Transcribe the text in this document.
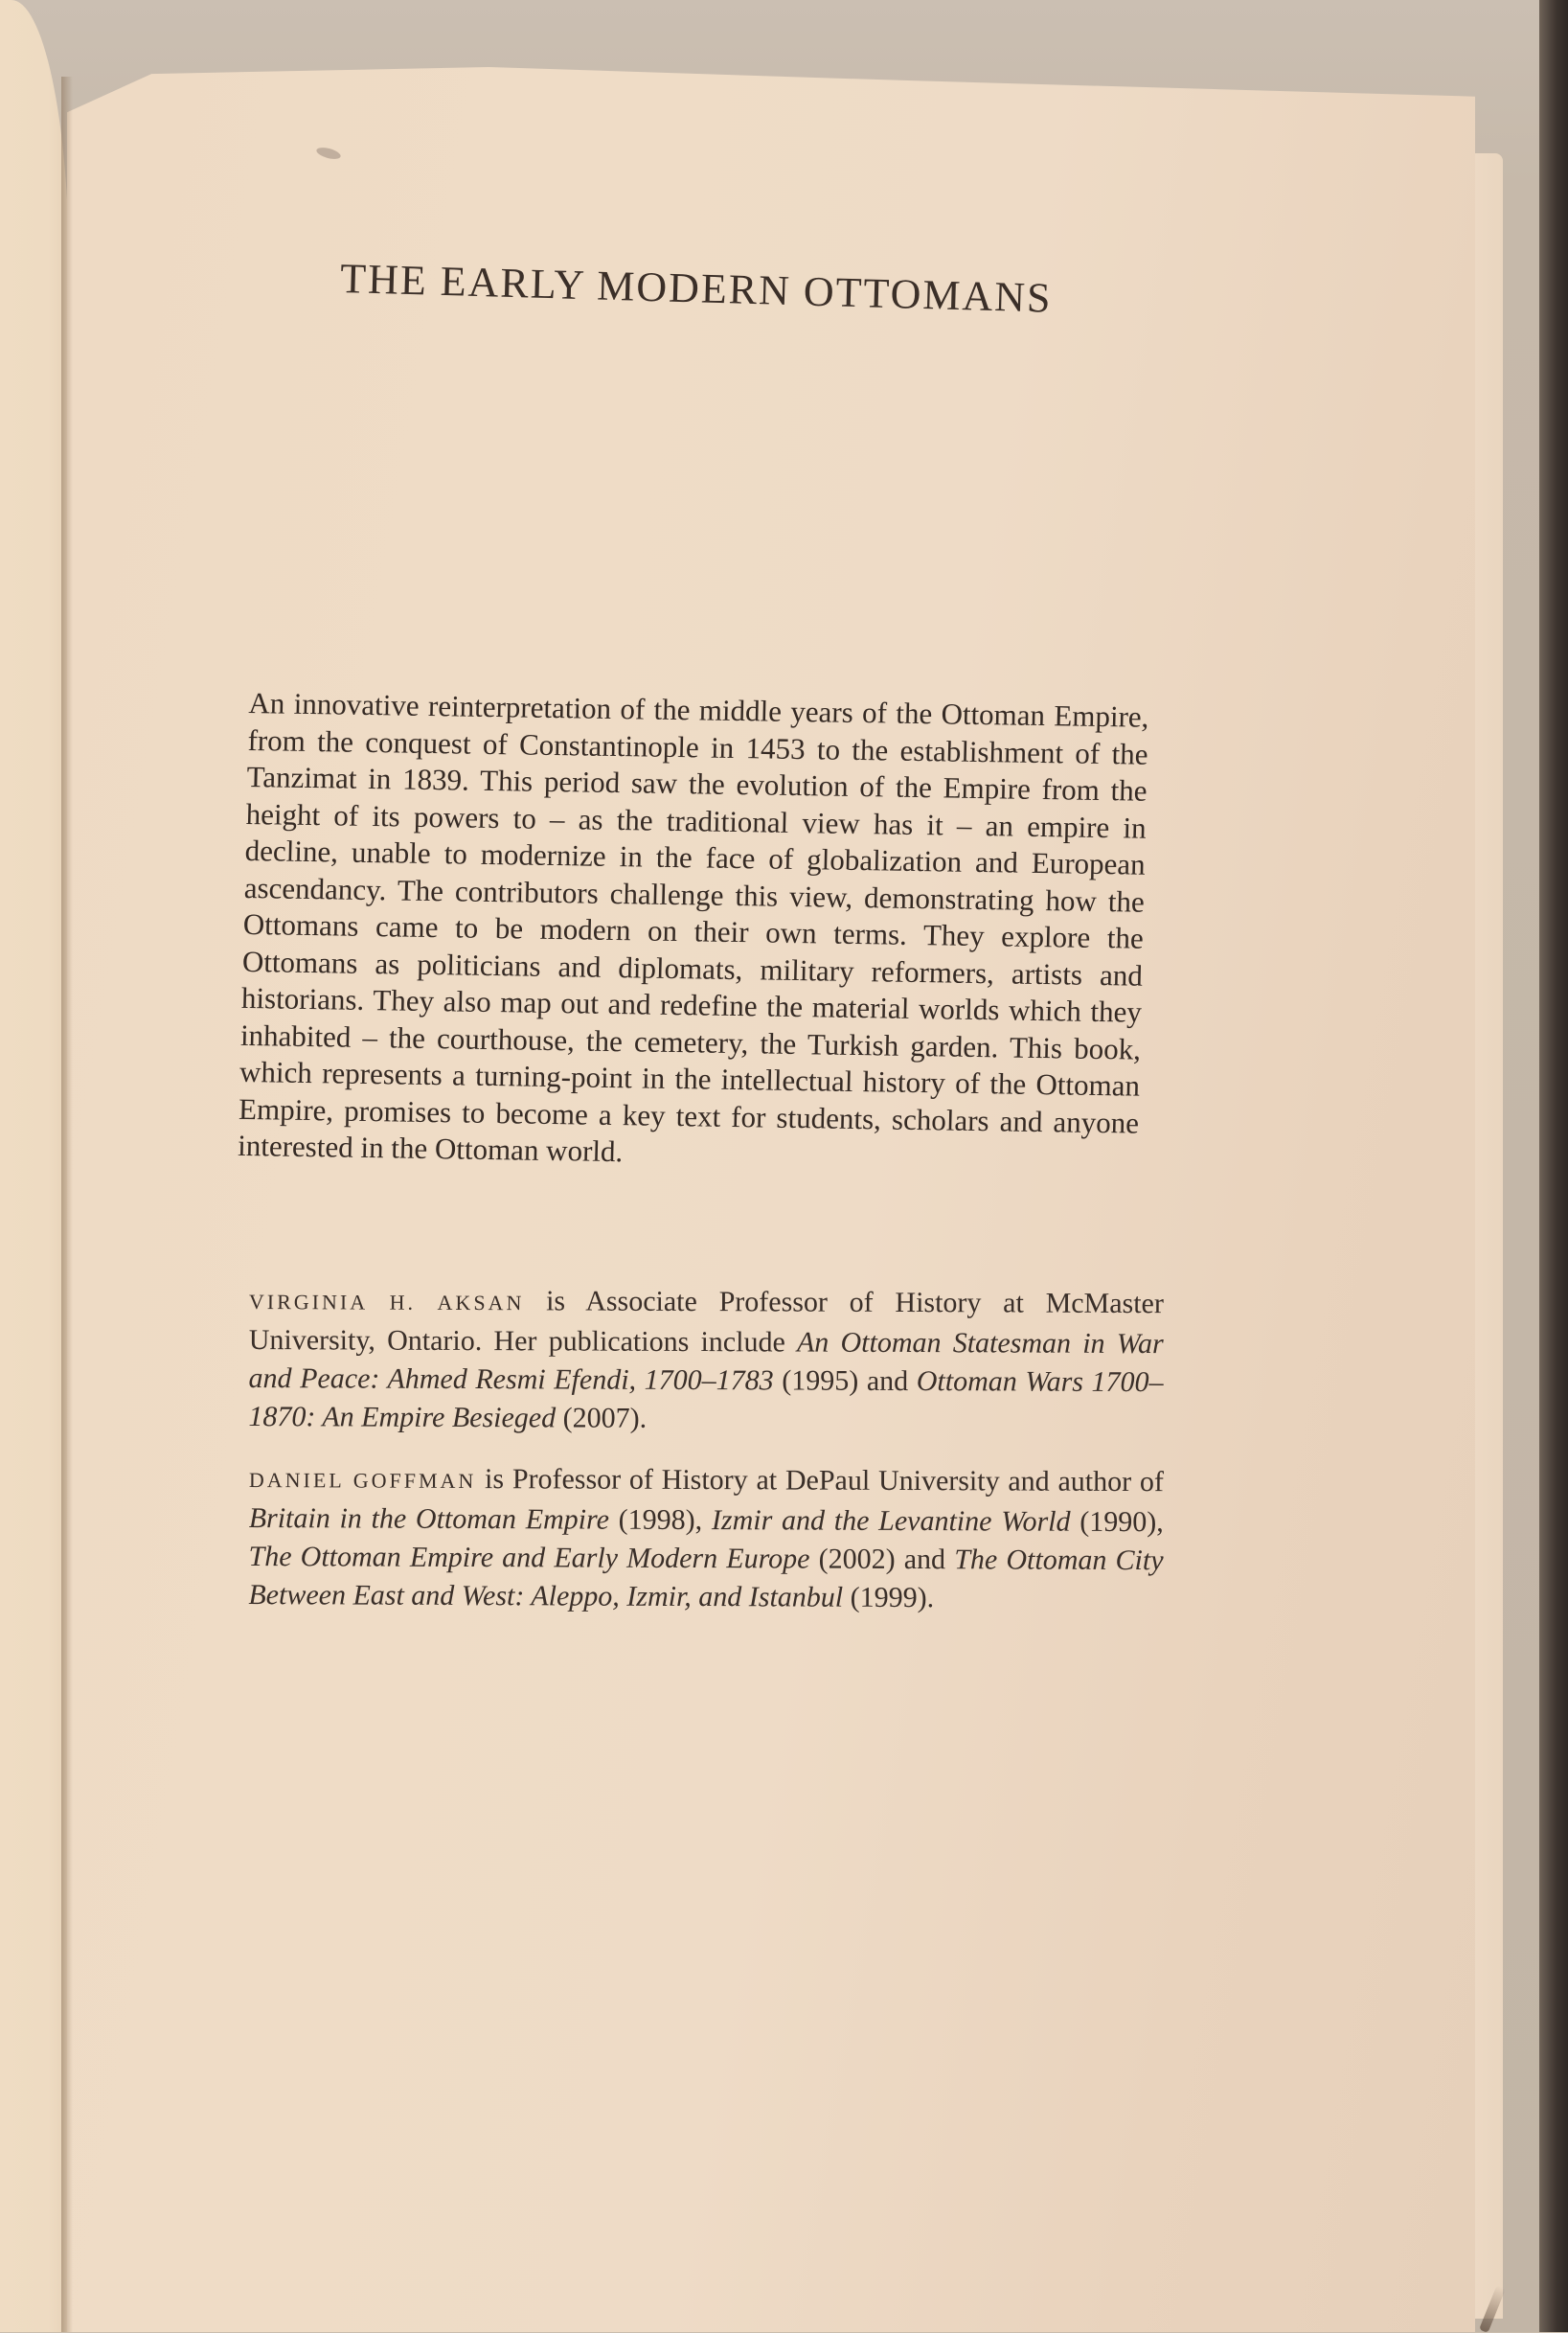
THE EARLY MODERN OTTOMANS

An innovative reinterpretation of the middle years of the Ottoman Empire, from the conquest of Constantinople in 1453 to the establishment of the Tanzimat in 1839. This period saw the evolution of the Empire from the height of its powers to – as the traditional view has it – an empire in decline, unable to modernize in the face of globalization and European ascendancy. The contributors challenge this view, demonstrating how the Ottomans came to be modern on their own terms. They explore the Ottomans as politicians and diplomats, military reformers, artists and historians. They also map out and redefine the material worlds which they inhabited – the courthouse, the cemetery, the Turkish garden. This book, which represents a turning-point in the intellectual history of the Ottoman Empire, promises to become a key text for students, scholars and anyone interested in the Ottoman world.

VIRGINIA H. AKSAN is Associate Professor of History at McMaster University, Ontario. Her publications include An Ottoman Statesman in War and Peace: Ahmed Resmi Efendi, 1700–1783 (1995) and Ottoman Wars 1700–1870: An Empire Besieged (2007).

DANIEL GOFFMAN is Professor of History at DePaul University and author of Britain in the Ottoman Empire (1998), Izmir and the Levantine World (1990), The Ottoman Empire and Early Modern Europe (2002) and The Ottoman City Between East and West: Aleppo, Izmir, and Istanbul (1999).
